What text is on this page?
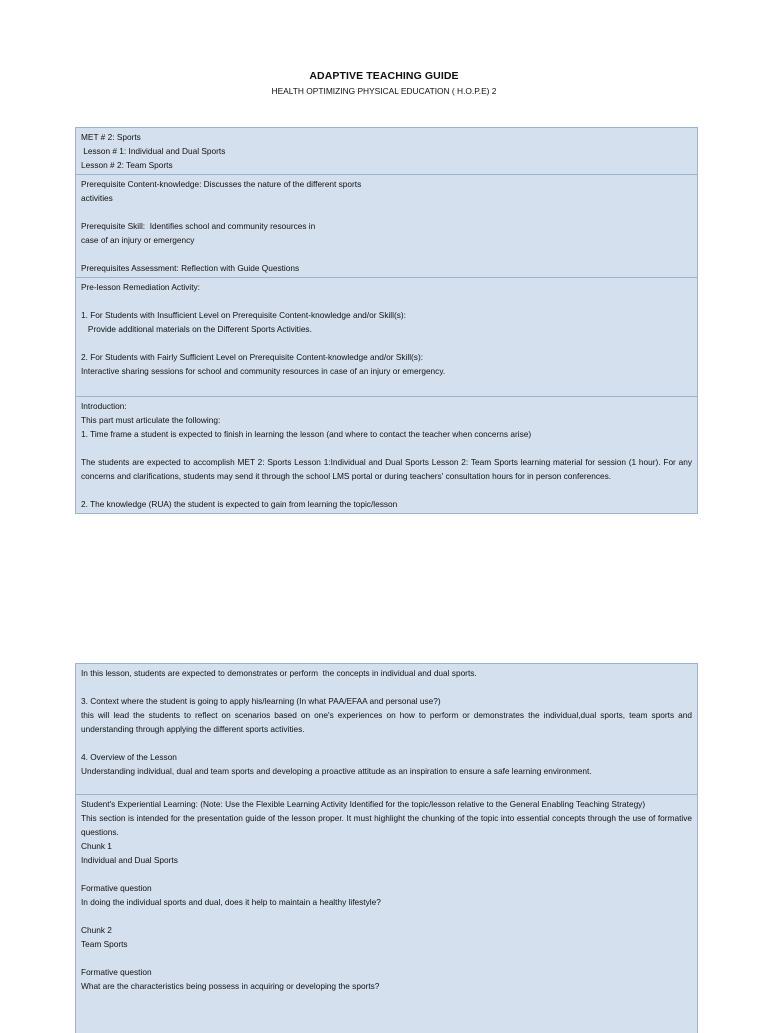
ADAPTIVE TEACHING GUIDE
HEALTH OPTIMIZING PHYSICAL EDUCATION ( H.O.P.E) 2
MET # 2: Sports
Lesson # 1: Individual and Dual Sports
Lesson # 2: Team Sports
Prerequisite Content-knowledge: Discusses the nature of the different sports
activities
Prerequisite Skill:  Identifies school and community resources in
case of an injury or emergency
Prerequisites Assessment: Reflection with Guide Questions
Pre-lesson Remediation Activity:
1. For Students with Insufficient Level on Prerequisite Content-knowledge and/or Skill(s):
Provide additional materials on the Different Sports Activities.
2. For Students with Fairly Sufficient Level on Prerequisite Content-knowledge and/or Skill(s):
Interactive sharing sessions for school and community resources in case of an injury or emergency.
Introduction:
This part must articulate the following:
1. Time frame a student is expected to finish in learning the lesson (and where to contact the teacher when concerns arise)
The students are expected to accomplish MET 2: Sports Lesson 1:Individual and Dual Sports Lesson 2: Team Sports learning material for session (1 hour). For any concerns and clarifications, students may send it through the school LMS portal or during teachers' consultation hours for in person conferences.
2. The knowledge (RUA) the student is expected to gain from learning the topic/lesson
In this lesson, students are expected to demonstrates or perform  the concepts in individual and dual sports.
3. Context where the student is going to apply his/learning (In what PAA/EFAA and personal use?)
this will lead the students to reflect on scenarios based on one's experiences on how to perform or demonstrates the individual,dual sports, team sports and understanding through applying the different sports activities.
4. Overview of the Lesson
Understanding individual, dual and team sports and developing a proactive attitude as an inspiration to ensure a safe learning environment.
Student's Experiential Learning: (Note: Use the Flexible Learning Activity Identified for the topic/lesson relative to the General Enabling Teaching Strategy)
This section is intended for the presentation guide of the lesson proper. It must highlight the chunking of the topic into essential concepts through the use of formative questions.
Chunk 1
Individual and Dual Sports
Formative question
In doing the individual sports and dual, does it help to maintain a healthy lifestyle?
Chunk 2
Team Sports
Formative question
What are the characteristics being possess in acquiring or developing the sports?
